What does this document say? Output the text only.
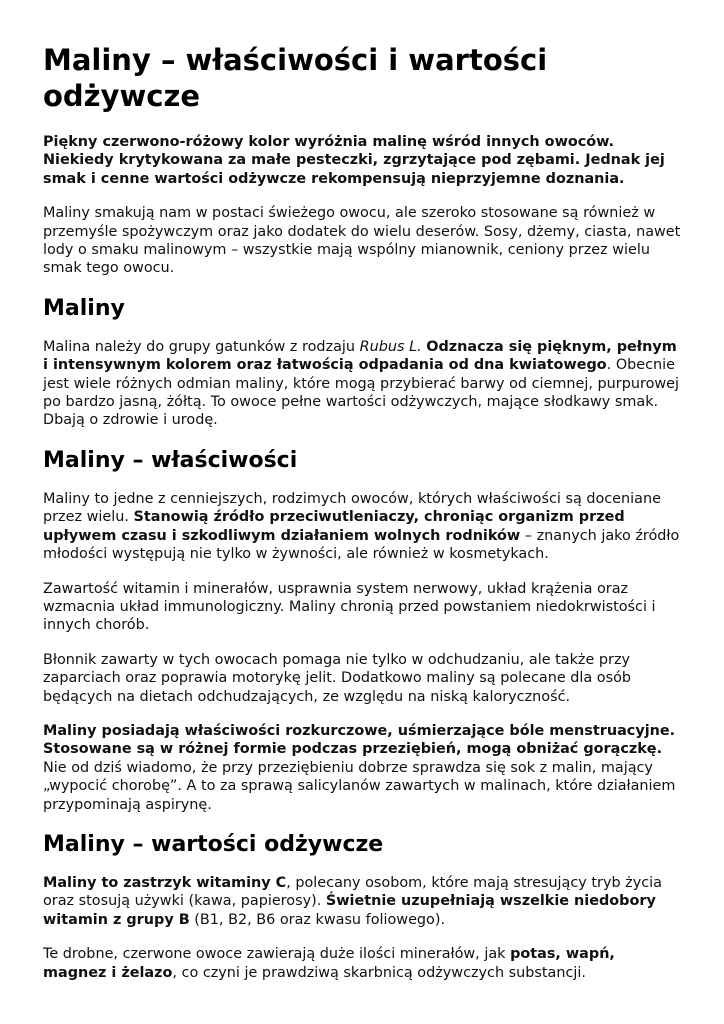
Maliny – właściwości i wartości odżywcze

Piękny czerwono-różowy kolor wyróżnia malinę wśród innych owoców. Niekiedy krytykowana za małe pesteczki, zgrzytające pod zębami. Jednak jej smak i cenne wartości odżywcze rekompensują nieprzyjemne doznania.

Maliny smakują nam w postaci świeżego owocu, ale szeroko stosowane są również w przemyśle spożywczym oraz jako dodatek do wielu deserów. Sosy, dżemy, ciasta, nawet lody o smaku malinowym – wszystkie mają wspólny mianownik, ceniony przez wielu smak tego owocu.

Maliny

Malina należy do grupy gatunków z rodzaju Rubus L. Odznacza się pięknym, pełnym i intensywnym kolorem oraz łatwością odpadania od dna kwiatowego. Obecnie jest wiele różnych odmian maliny, które mogą przybierać barwy od ciemnej, purpurowej po bardzo jasną, żółtą. To owoce pełne wartości odżywczych, mające słodkawy smak. Dbają o zdrowie i urodę.

Maliny – właściwości

Maliny to jedne z cenniejszych, rodzimych owoców, których właściwości są doceniane przez wielu. Stanowią źródło przeciwutleniaczy, chroniąc organizm przed upływem czasu i szkodliwym działaniem wolnych rodników – znanych jako źródło młodości występują nie tylko w żywności, ale również w kosmetykach.

Zawartość witamin i minerałów, usprawnia system nerwowy, układ krążenia oraz wzmacnia układ immunologiczny. Maliny chronią przed powstaniem niedokrwistości i innych chorób.

Błonnik zawarty w tych owocach pomaga nie tylko w odchudzaniu, ale także przy zaparciach oraz poprawia motorykę jelit. Dodatkowo maliny są polecane dla osób będących na dietach odchudzających, ze względu na niską kaloryczność.

Maliny posiadają właściwości rozkurczowe, uśmierzające bóle menstruacyjne. Stosowane są w różnej formie podczas przeziębień, mogą obniżać gorączkę. Nie od dziś wiadomo, że przy przeziębieniu dobrze sprawdza się sok z malin, mający „wypocić chorobę”. A to za sprawą salicylanów zawartych w malinach, które działaniem przypominają aspirynę.

Maliny – wartości odżywcze

Maliny to zastrzyk witaminy C, polecany osobom, które mają stresujący tryb życia oraz stosują używki (kawa, papierosy). Świetnie uzupełniają wszelkie niedobory witamin z grupy B (B1, B2, B6 oraz kwasu foliowego).

Te drobne, czerwone owoce zawierają duże ilości minerałów, jak potas, wapń, magnez i żelazo, co czyni je prawdziwą skarbnicą odżywczych substancji.
